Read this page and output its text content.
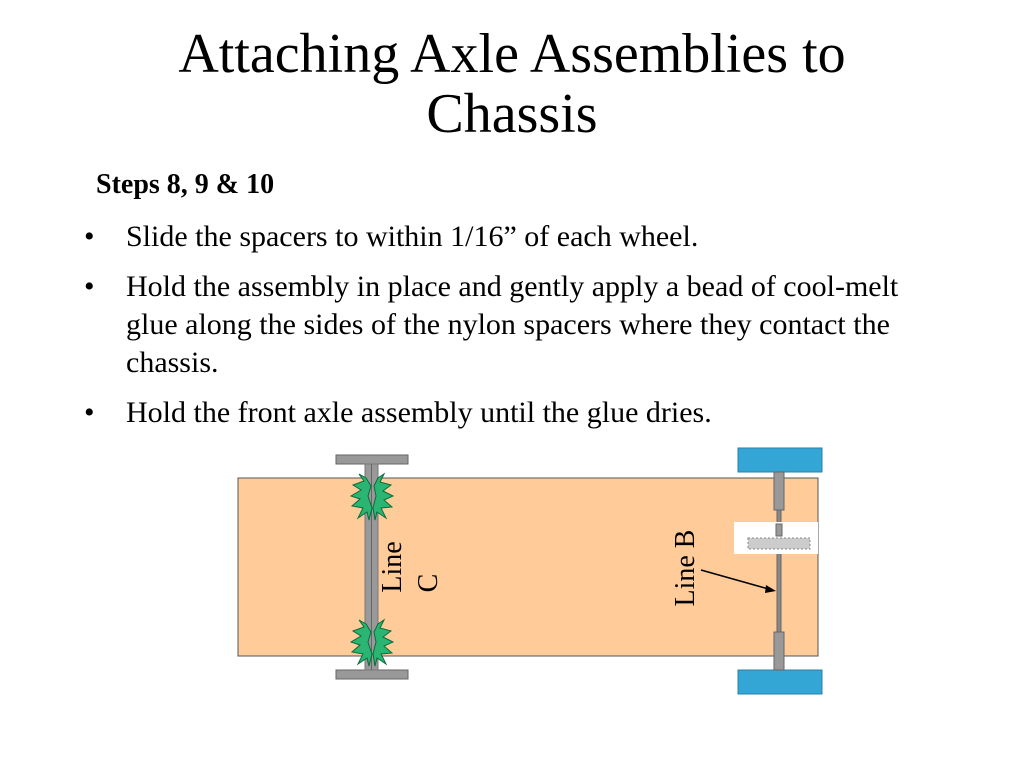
Attaching Axle Assemblies to
Chassis
Steps 8, 9 & 10
• Slide the spacers to within 1/16” of each wheel.
• Hold the assembly in place and gently apply a bead of cool-melt glue along the sides of the nylon spacers where they contact the chassis.
• Hold the front axle assembly until the glue dries.
Line C	Line B
